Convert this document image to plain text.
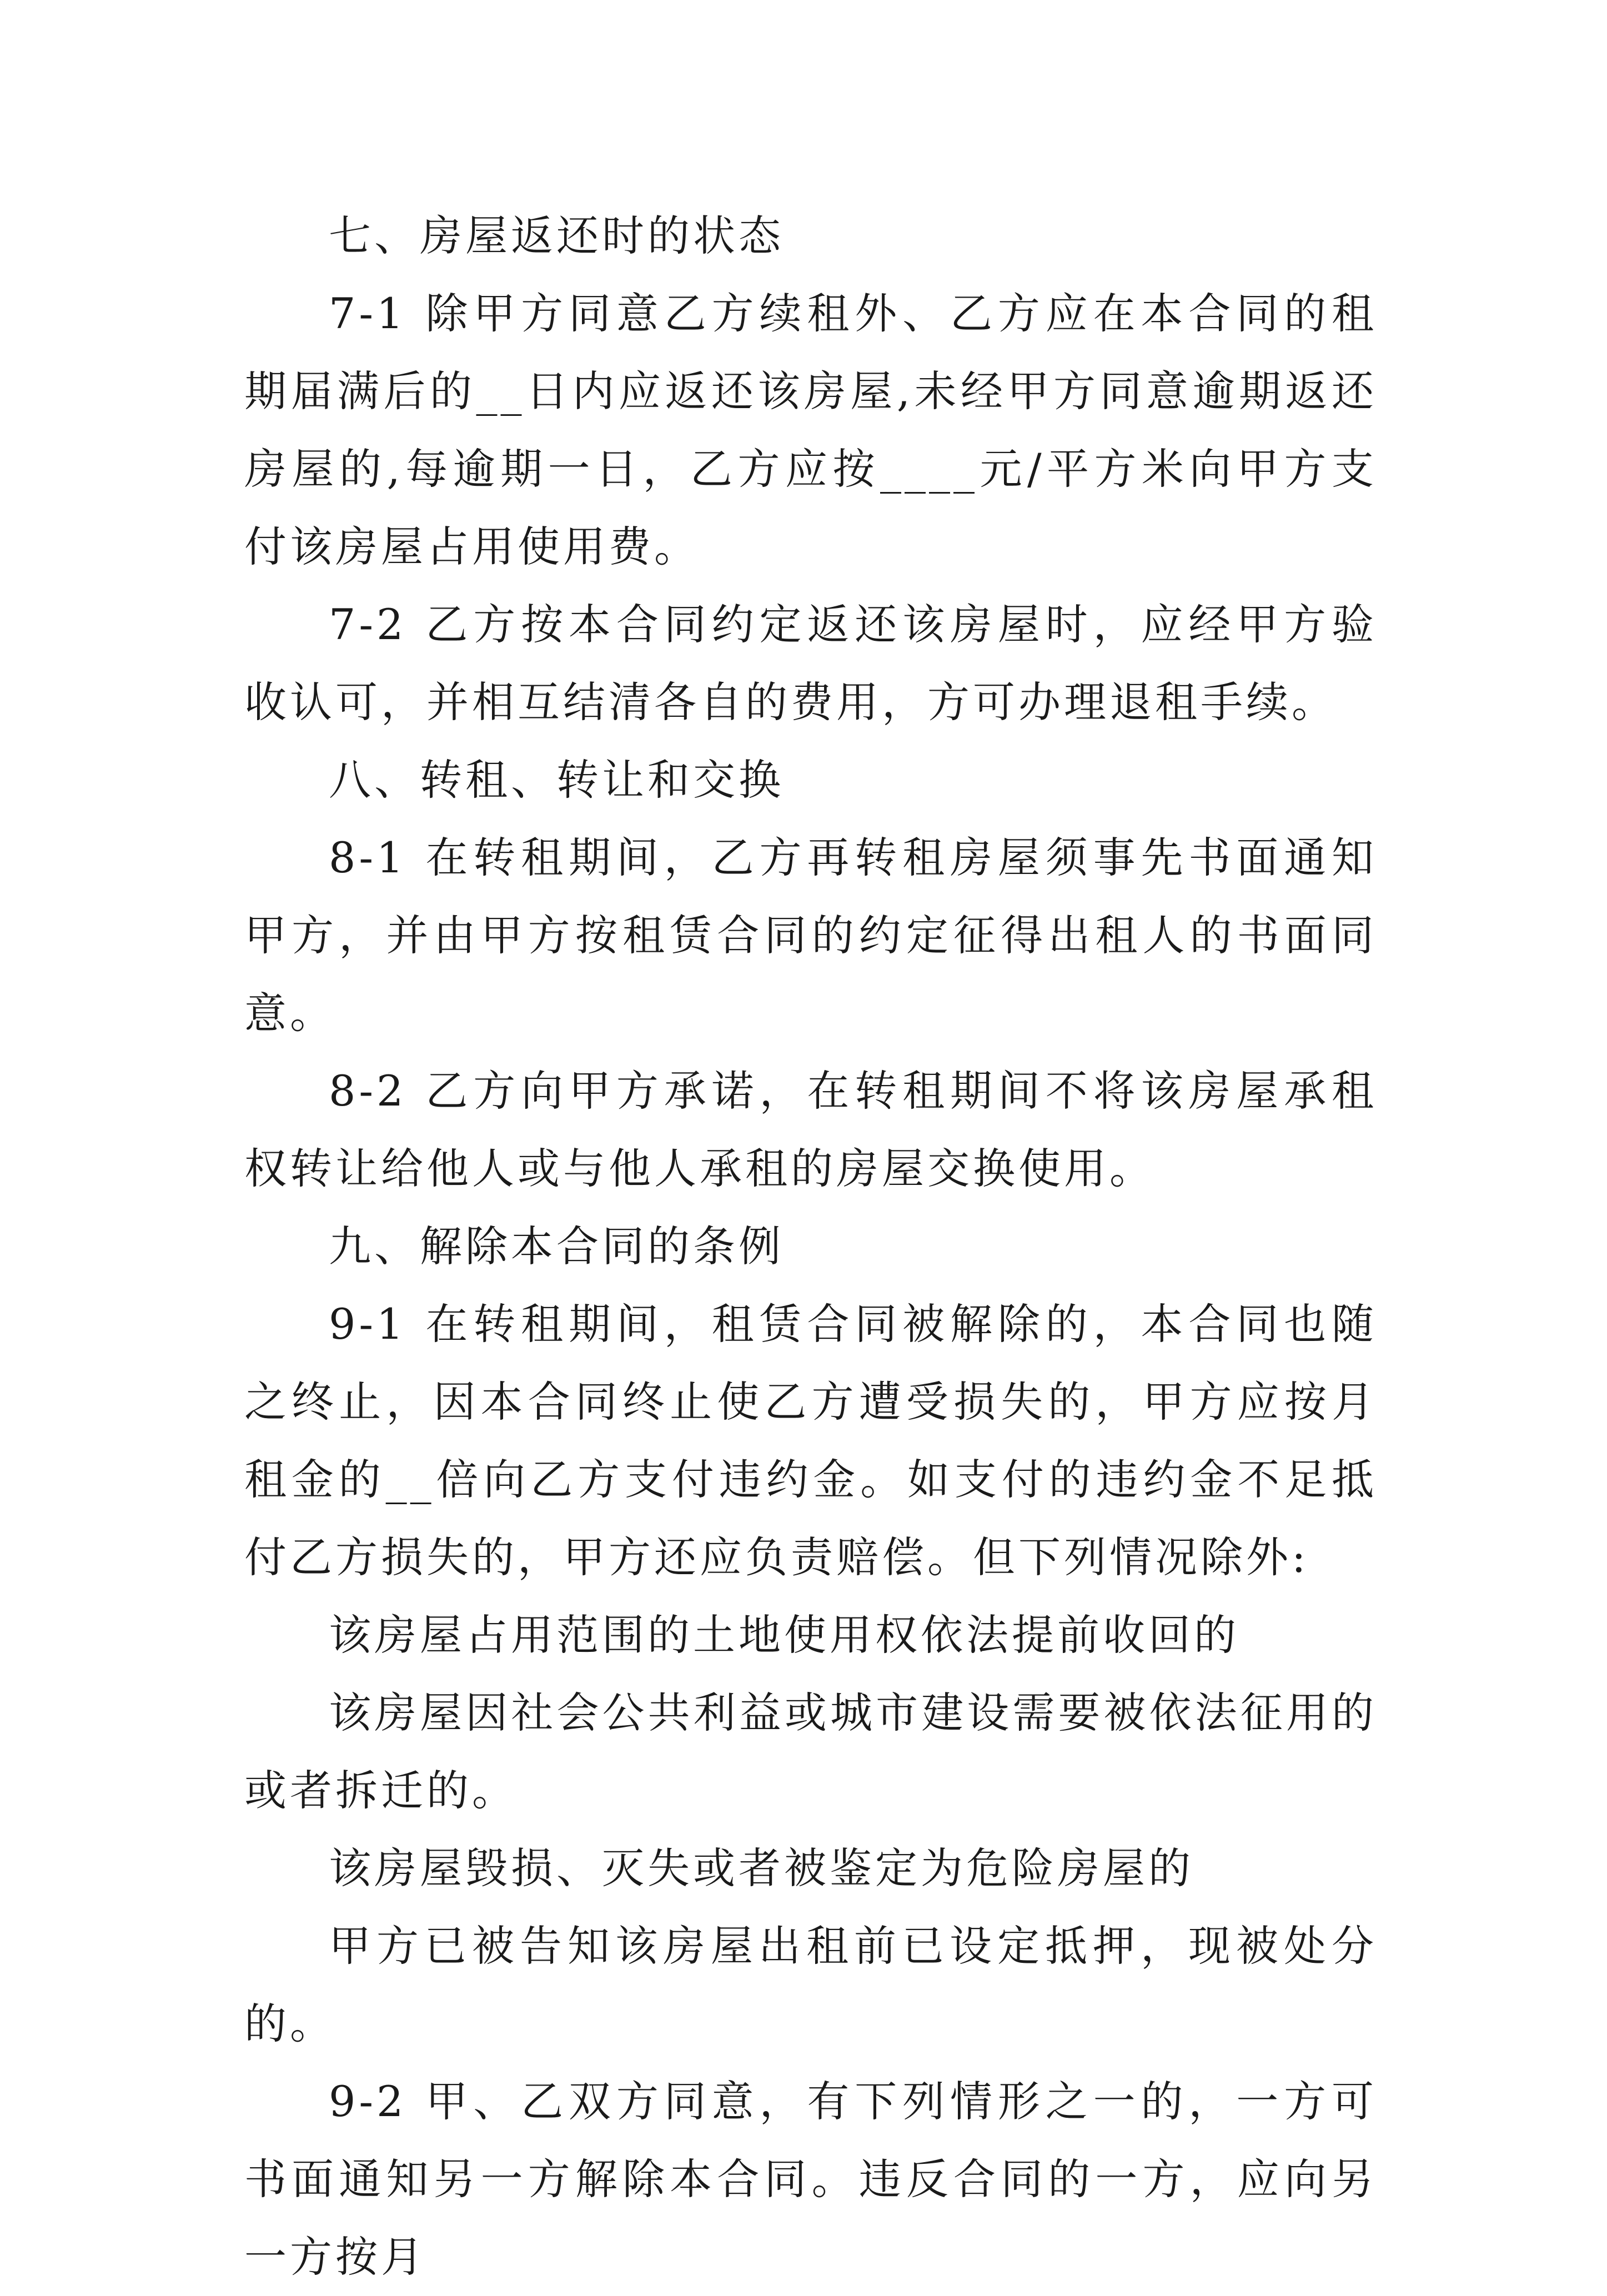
七、房屋返还时的状态

7-1 除甲方同意乙方续租外、乙方应在本合同的租期届满后的__日内应返还该房屋,未经甲方同意逾期返还房屋的,每逾期一日，乙方应按____元/平方米向甲方支付该房屋占用使用费。

7-2 乙方按本合同约定返还该房屋时，应经甲方验收认可，并相互结清各自的费用，方可办理退租手续。

八、转租、转让和交换

8-1 在转租期间，乙方再转租房屋须事先书面通知甲方，并由甲方按租赁合同的约定征得出租人的书面同意。

8-2 乙方向甲方承诺，在转租期间不将该房屋承租权转让给他人或与他人承租的房屋交换使用。

九、解除本合同的条例

9-1 在转租期间，租赁合同被解除的，本合同也随之终止，因本合同终止使乙方遭受损失的，甲方应按月租金的__倍向乙方支付违约金。如支付的违约金不足抵付乙方损失的，甲方还应负责赔偿。但下列情况除外:

该房屋占用范围的土地使用权依法提前收回的

该房屋因社会公共利益或城市建设需要被依法征用的或者拆迁的。

该房屋毁损、灭失或者被鉴定为危险房屋的

甲方已被告知该房屋出租前已设定抵押，现被处分的。

9-2 甲、乙双方同意，有下列情形之一的，一方可书面通知另一方解除本合同。违反合同的一方，应向另一方按月
